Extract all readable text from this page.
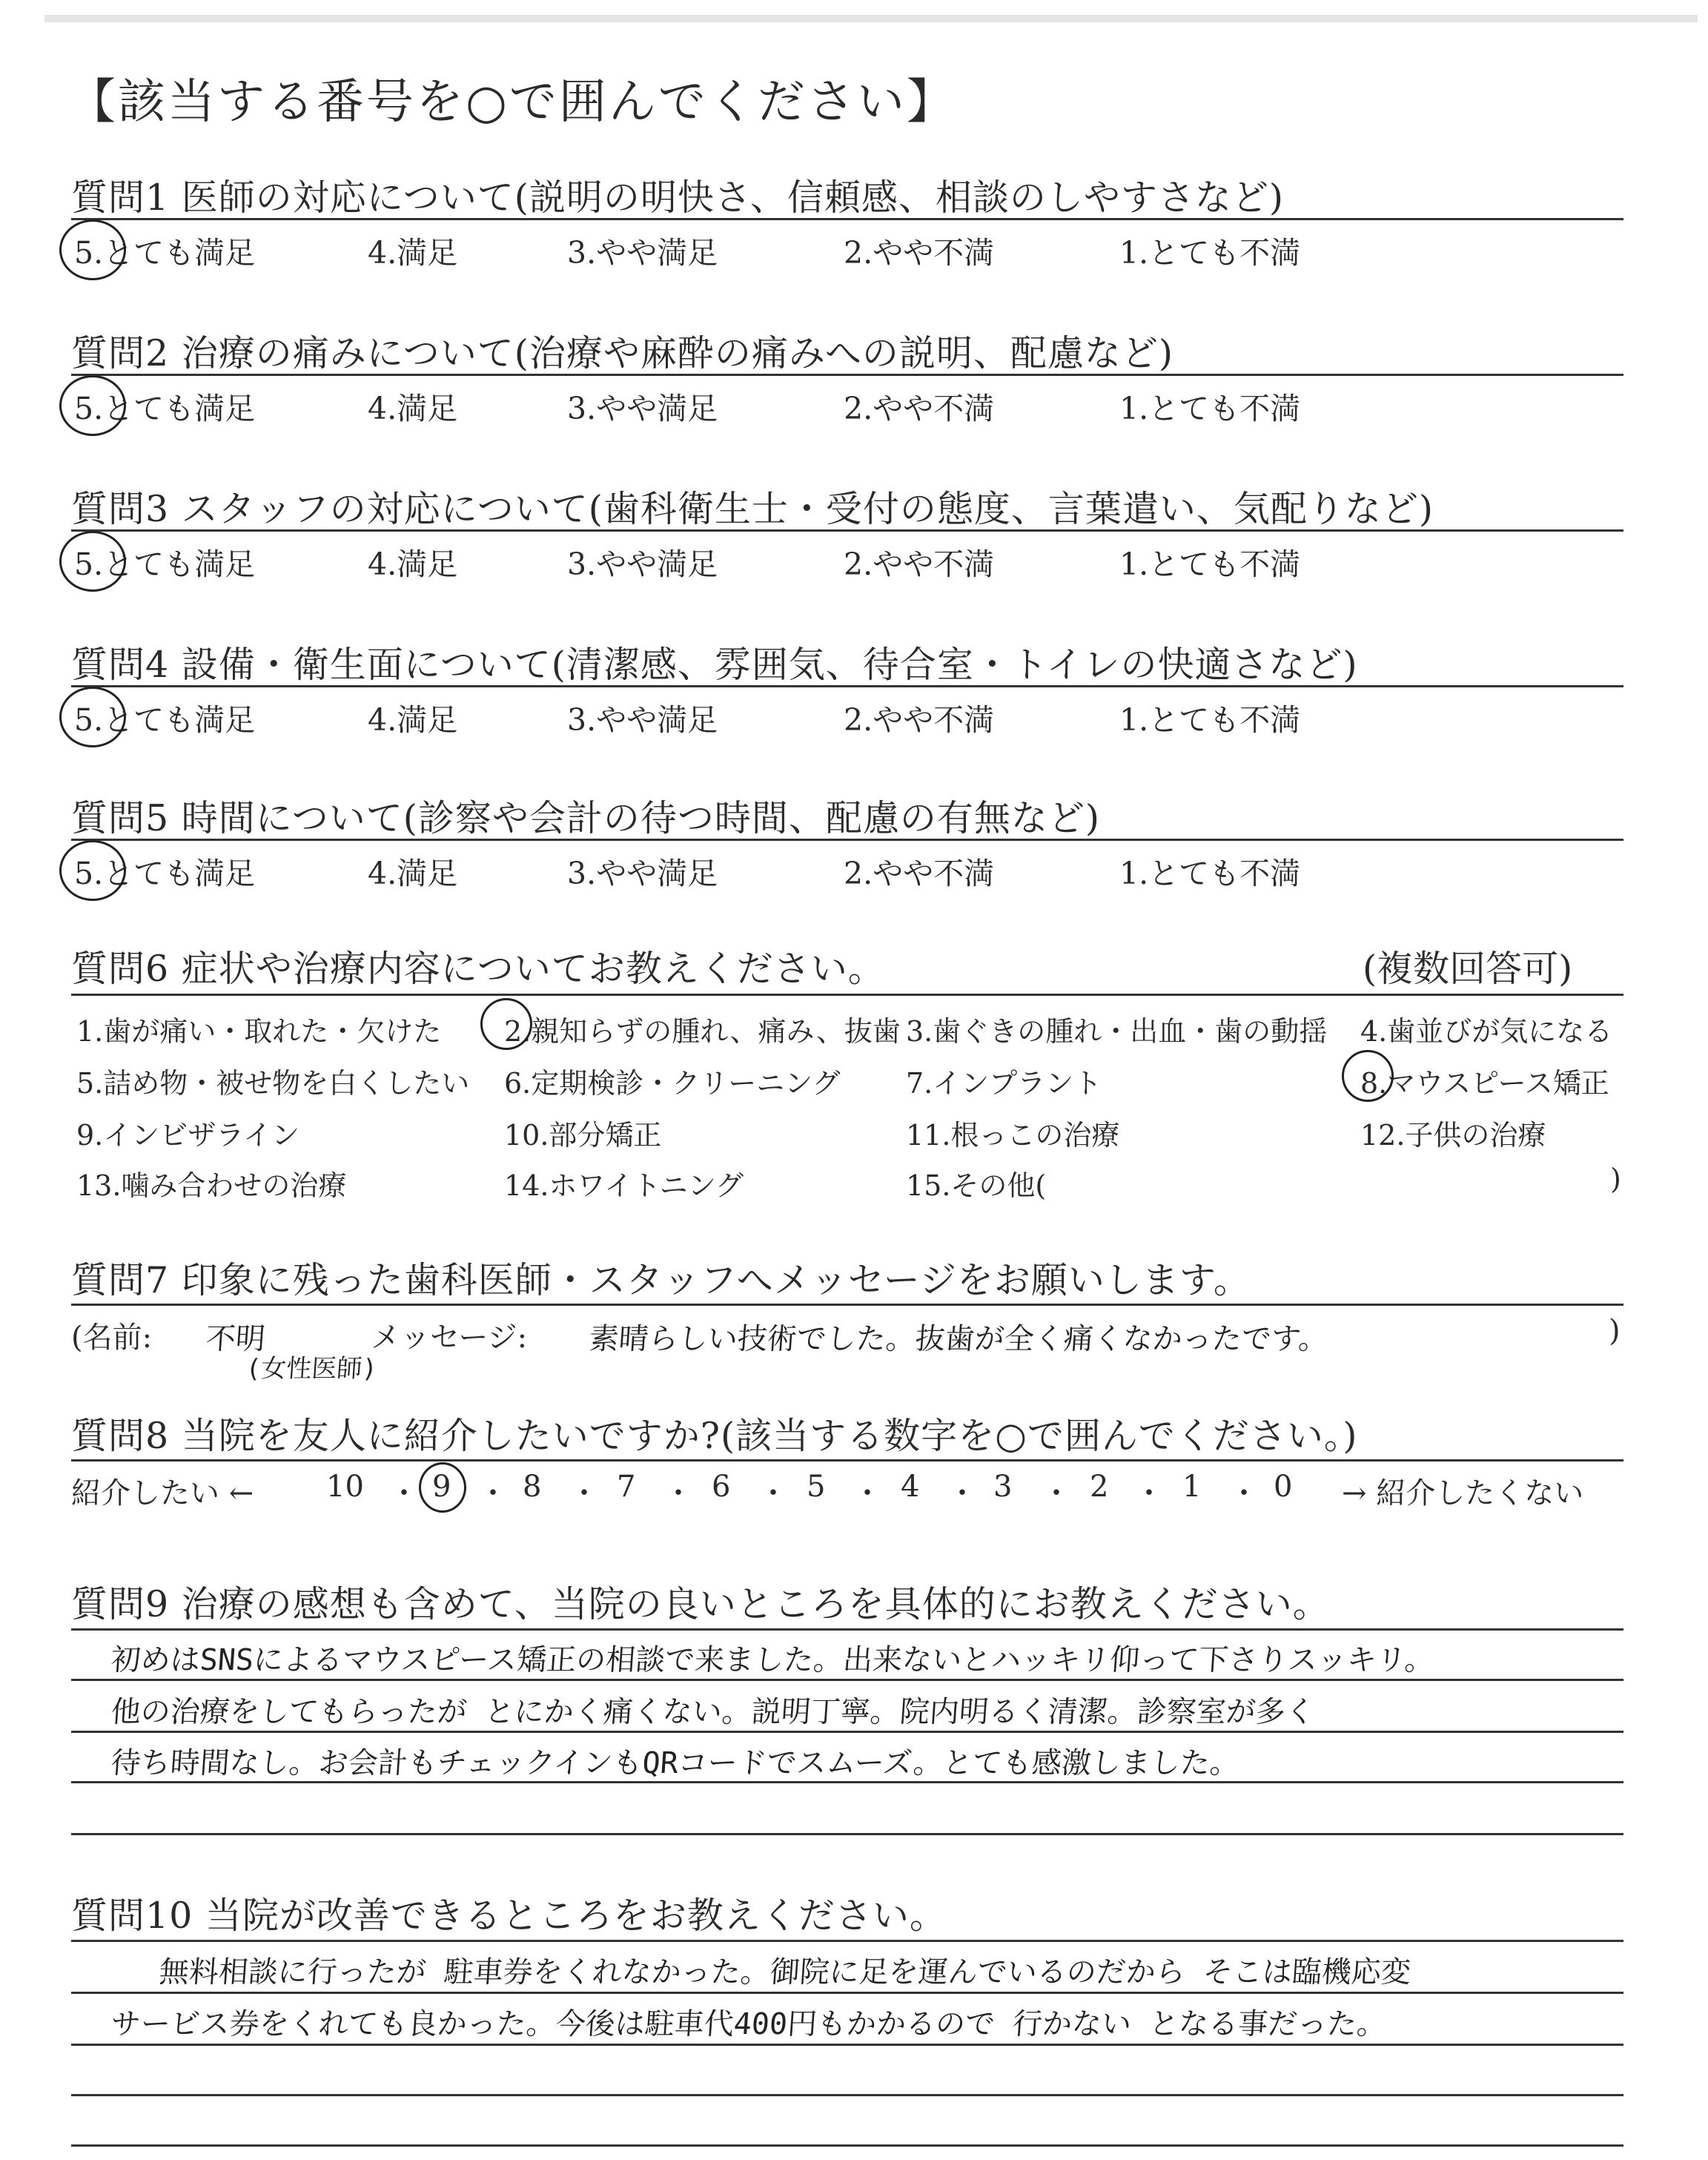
【該当する番号を○で囲んでください】
質問1 医師の対応について(説明の明快さ、信頼感、相談のしやすさなど)
5.とても満足	4.満足	3.やや満足	2.やや不満	1.とても不満
質問2 治療の痛みについて(治療や麻酔の痛みへの説明、配慮など)
5.とても満足	4.満足	3.やや満足	2.やや不満	1.とても不満
質問3 スタッフの対応について(歯科衛生士・受付の態度、言葉遣い、気配りなど)
5.とても満足	4.満足	3.やや満足	2.やや不満	1.とても不満
質問4 設備・衛生面について(清潔感、雰囲気、待合室・トイレの快適さなど)
5.とても満足	4.満足	3.やや満足	2.やや不満	1.とても不満
質問5 時間について(診察や会計の待つ時間、配慮の有無など)
5.とても満足	4.満足	3.やや満足	2.やや不満	1.とても不満
質問6 症状や治療内容についてお教えください。	(複数回答可)
1.歯が痛い・取れた・欠けた 2.親知らずの腫れ、痛み、抜歯 3.歯ぐきの腫れ・出血・歯の動揺 4.歯並びが気になる
5.詰め物・被せ物を白くしたい 6.定期検診・クリーニング 7.インプラント	8.マウスピース矯正
9.インビザライン	10.部分矯正	11.根っこの治療	12.子供の治療
13.噛み合わせの治療	14.ホワイトニング	15.その他(	)
質問7 印象に残った歯科医師・スタッフへメッセージをお願いします。
(名前: 不明
(女性医師)
メッセージ: 素晴らしい技術でした。抜歯が全く痛くなかったです。	)
質問8 当院を友人に紹介したいですか?(該当する数字を○で囲んでください。)
紹介したい ← 10 ・ 9 ・ 8 ・ 7 ・ 6 ・ 5 ・ 4 ・ 3 ・ 2 ・ 1 ・ 0 → 紹介したくない
質問9 治療の感想も含めて、当院の良いところを具体的にお教えください。
初めはSNSによるマウスピース矯正の相談で来ました。出来ないとハッキリ仰って下さりスッキリ。
他の治療をしてもらったが とにかく痛くない。説明丁寧。院内明るく清潔。診察室が多く
待ち時間なし。お会計もチェックインもQRコードでスムーズ。とても感激しました。
質問10 当院が改善できるところをお教えください。
無料相談に行ったが 駐車券をくれなかった。御院に足を運んでいるのだから そこは臨機応変
サービス券をくれても良かった。今後は駐車代400円もかかるので 行かない となる事だった。
